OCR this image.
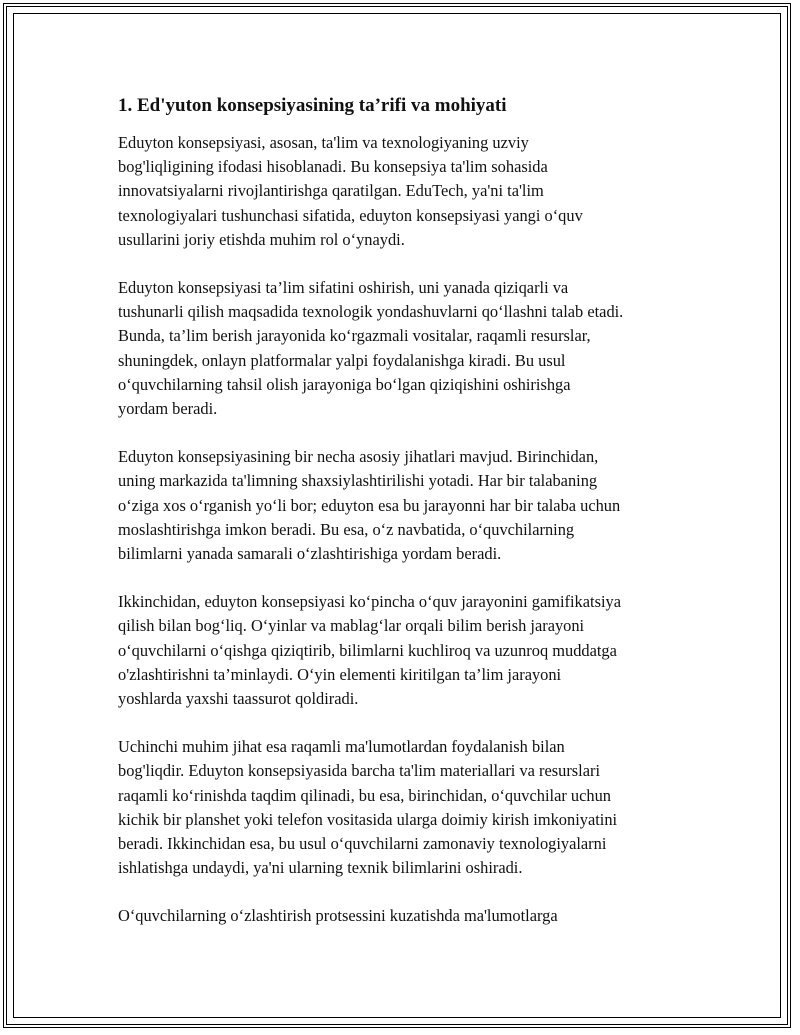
1. Ed'yuton konsepsiyasining ta’rifi va mohiyati
Eduyton konsepsiyasi, asosan, ta'lim va texnologiyaning uzviy
bog'liqligining ifodasi hisoblanadi. Bu konsepsiya ta'lim sohasida
innovatsiyalarni rivojlantirishga qaratilgan. EduTech, ya'ni ta'lim
texnologiyalari tushunchasi sifatida, eduyton konsepsiyasi yangi o‘quv
usullarini joriy etishda muhim rol o‘ynaydi.
Eduyton konsepsiyasi ta’lim sifatini oshirish, uni yanada qiziqarli va
tushunarli qilish maqsadida texnologik yondashuvlarni qo‘llashni talab etadi.
Bunda, ta’lim berish jarayonida ko‘rgazmali vositalar, raqamli resurslar,
shuningdek, onlayn platformalar yalpi foydalanishga kiradi. Bu usul
o‘quvchilarning tahsil olish jarayoniga bo‘lgan qiziqishini oshirishga
yordam beradi.
Eduyton konsepsiyasining bir necha asosiy jihatlari mavjud. Birinchidan,
uning markazida ta'limning shaxsiylashtirilishi yotadi. Har bir talabaning
o‘ziga xos o‘rganish yo‘li bor; eduyton esa bu jarayonni har bir talaba uchun
moslashtirishga imkon beradi. Bu esa, o‘z navbatida, o‘quvchilarning
bilimlarni yanada samarali o‘zlashtirishiga yordam beradi.
Ikkinchidan, eduyton konsepsiyasi ko‘pincha o‘quv jarayonini gamifikatsiya
qilish bilan bog‘liq. O‘yinlar va mablag‘lar orqali bilim berish jarayoni
o‘quvchilarni o‘qishga qiziqtirib, bilimlarni kuchliroq va uzunroq muddatga
o'zlashtirishni ta’minlaydi. O‘yin elementi kiritilgan ta’lim jarayoni
yoshlarda yaxshi taassurot qoldiradi.
Uchinchi muhim jihat esa raqamli ma'lumotlardan foydalanish bilan
bog'liqdir. Eduyton konsepsiyasida barcha ta'lim materiallari va resurslari
raqamli ko‘rinishda taqdim qilinadi, bu esa, birinchidan, o‘quvchilar uchun
kichik bir planshet yoki telefon vositasida ularga doimiy kirish imkoniyatini
beradi. Ikkinchidan esa, bu usul o‘quvchilarni zamonaviy texnologiyalarni
ishlatishga undaydi, ya'ni ularning texnik bilimlarini oshiradi.
O‘quvchilarning o‘zlashtirish protsessini kuzatishda ma'lumotlarga
